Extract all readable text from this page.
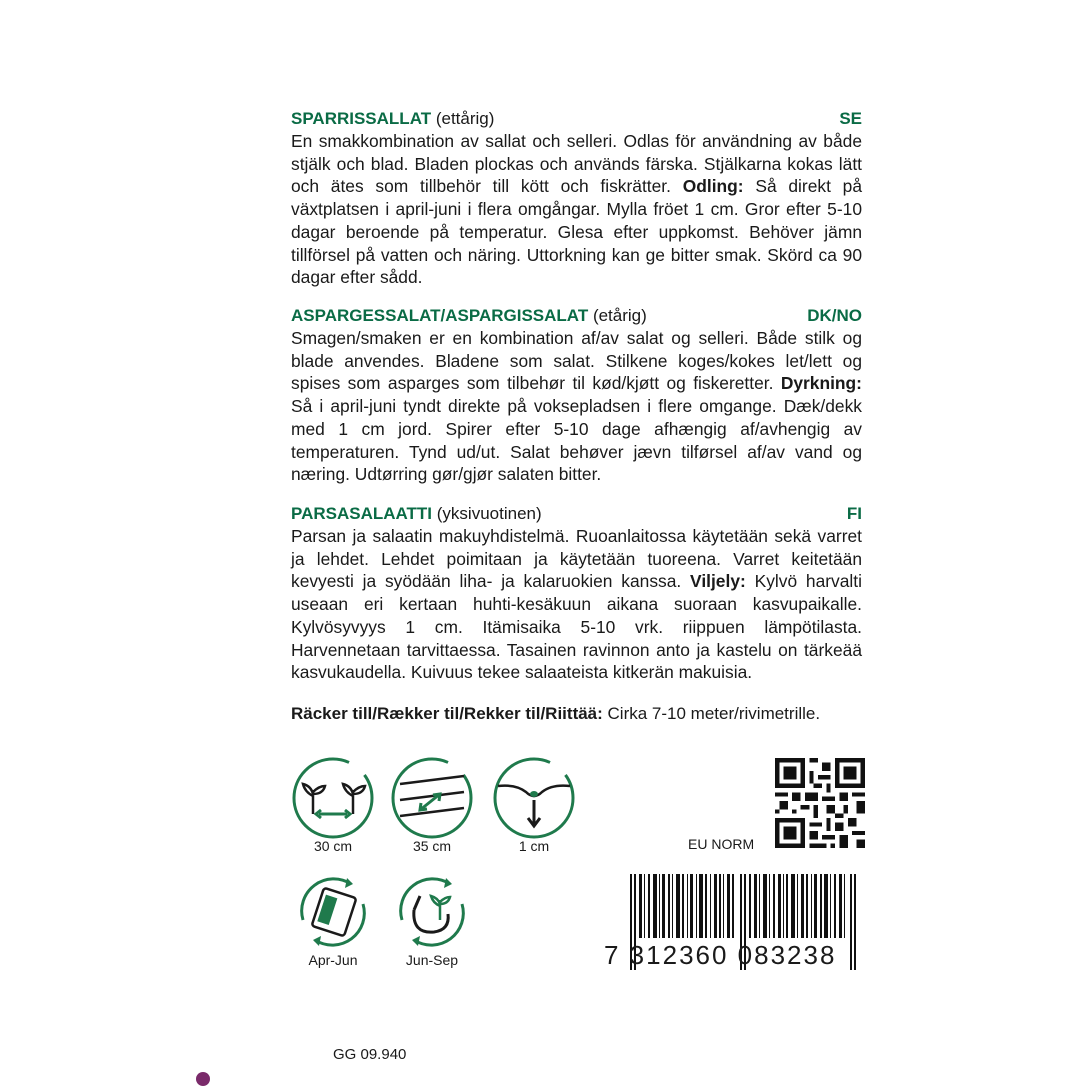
SPARRISSALLAT (ettårig)	SE
En smakkombination av sallat och selleri. Odlas för användning av både stjälk och blad. Bladen plockas och används färska. Stjälkarna kokas lätt och ätes som tillbehör till kött och fiskrätter. Odling: Så direkt på växtplatsen i april-juni i flera omgångar. Mylla fröet 1 cm. Gror efter 5-10 dagar beroende på temperatur. Glesa efter uppkomst. Behöver jämn tillförsel på vatten och näring. Uttorkning kan ge bitter smak. Skörd ca 90 dagar efter sådd.
ASPARGESSALAT/ASPARGISSALAT (etårig)	DK/NO
Smagen/smaken er en kombination af/av salat og selleri. Både stilk og blade anvendes. Bladene som salat. Stilkene koges/kokes let/lett og spises som asparges som tilbehør til kød/kjøtt og fiskeretter. Dyrkning: Så i april-juni tyndt direkte på voksepladsen i flere omgange. Dæk/dekk med 1 cm jord. Spirer efter 5-10 dage afhængig af/avhengig av temperaturen. Tynd ud/ut. Salat behøver jævn tilførsel af/av vand og næring. Udtørring gør/gjør salaten bitter.
PARSASALAATTI (yksivuotinen)	FI
Parsan ja salaatin makuyhdistelmä. Ruoanlaitossa käytetään sekä varret ja lehdet. Lehdet poimitaan ja käytetään tuoreena. Varret keitetään kevyesti ja syödään liha- ja kalaruokien kanssa. Viljely: Kylvö harvalti useaan eri kertaan huhti-kesäkuun aikana suoraan kasvupaikalle. Kylvösyvyys 1 cm. Itämisaika 5-10 vrk. riippuen lämpötilasta. Harvennetaan tarvittaessa. Tasainen ravinnon anto ja kastelu on tärkeää kasvukaudella. Kuivuus tekee salaateista kitkerän makuisia.
Räcker till/Rækker til/Rekker til/Riittää: Cirka 7-10 meter/rivimetrille.
30 cm	35 cm	1 cm
Apr-Jun	Jun-Sep
EU NORM
7 312360 083238
GG 09.940
